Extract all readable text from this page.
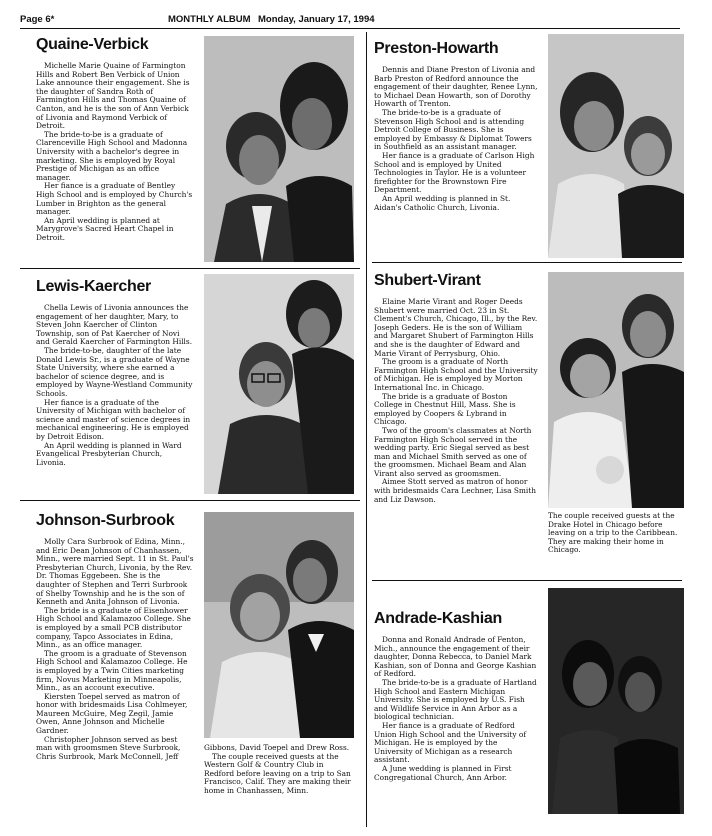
Page 6*	MONTHLY ALBUM Monday, January 17, 1994
Quaine-Verbick

Michelle Marie Quaine of Farmington Hills and Robert Ben Verbick of Union Lake announce their engagement. She is the daughter of Sandra Roth of Farmington Hills and Thomas Quaine of Canton, and he is the son of Ann Verbick of Livonia and Raymond Verbick of Detroit.

The bride-to-be is a graduate of Clarenceville High School and Madonna University with a bachelor's degree in marketing. She is employed by Royal Prestige of Michigan as an office manager.

Her fiance is a graduate of Bentley High School and is employed by Church's Lumber in Brighton as the general manager.

An April wedding is planned at Marygrove's Sacred Heart Chapel in Detroit.

Lewis-Kaercher

Chella Lewis of Livonia announces the engagement of her daughter, Mary, to Steven John Kaercher of Clinton Township, son of Pat Kaercher of Novi and Gerald Kaercher of Farmington Hills.

The bride-to-be, daughter of the late Donald Lewis Sr., is a graduate of Wayne State University, where she earned a bachelor of science degree, and is employed by Wayne-Westland Community Schools.

Her fiance is a graduate of the University of Michigan with bachelor of science and master of science degrees in mechanical engineering. He is employed by Detroit Edison.

An April wedding is planned in Ward Evangelical Presbyterian Church, Livonia.

Johnson-Surbrook

Molly Cara Surbrook of Edina, Minn., and Eric Dean Johnson of Chanhassen, Minn., were married Sept. 11 in St. Paul's Presbyterian Church, Livonia, by the Rev. Dr. Thomas Eggebeen. She is the daughter of Stephen and Terri Surbrook of Shelby Township and he is the son of Kenneth and Anita Johnson of Livonia.

The bride is a graduate of Eisenhower High School and Kalamazoo College. She is employed by a small PCB distributor company, Tapco Associates in Edina, Minn., as an office manager.

The groom is a graduate of Stevenson High School and Kalamazoo College. He is employed by a Twin Cities marketing firm, Novus Marketing in Minneapolis, Minn., as an account executive.

Kiersten Toepel served as matron of honor with bridesmaids Lisa Cohlmeyer, Maureen McGuire, Meg Zegil, Jamie Owen, Anne Johnson and Michelle Gardner.

Christopher Johnson served as best man with groomsmen Steve Surbrook, Chris Surbrook, Mark McConnell, Jeff

Gibbons, David Toepel and Drew Ross.

The couple received guests at the Western Golf & Country Club in Redford before leaving on a trip to San Francisco, Calif. They are making their home in Chanhassen, Minn.

Preston-Howarth

Dennis and Diane Preston of Livonia and Barb Preston of Redford announce the engagement of their daughter, Renee Lynn, to Michael Dean Howarth, son of Dorothy Howarth of Trenton.

The bride-to-be is a graduate of Stevenson High School and is attending Detroit College of Business. She is employed by Embassy & Diplomat Towers in Southfield as an assistant manager.

Her fiance is a graduate of Carlson High School and is employed by United Technologies in Taylor. He is a volunteer firefighter for the Brownstown Fire Department.

An April wedding is planned in St. Aidan's Catholic Church, Livonia.

Shubert-Virant

Elaine Marie Virant and Roger Deeds Shubert were married Oct. 23 in St. Clement's Church, Chicago, Ill., by the Rev. Joseph Geders. He is the son of William and Margaret Shubert of Farmington Hills and she is the daughter of Edward and Marie Virant of Perrysburg, Ohio.

The groom is a graduate of North Farmington High School and the University of Michigan. He is employed by Morton International Inc. in Chicago.

The bride is a graduate of Boston College in Chestnut Hill, Mass. She is employed by Coopers & Lybrand in Chicago.

Two of the groom's classmates at North Farmington High School served in the wedding party. Eric Siegal served as best man and Michael Smith served as one of the groomsmen. Michael Beam and Alan Virant also served as groomsmen.

Aimee Stott served as matron of honor with bridesmaids Cara Lechner, Lisa Smith and Liz Dawson.

The couple received guests at the Drake Hotel in Chicago before leaving on a trip to the Caribbean. They are making their home in Chicago.

Andrade-Kashian

Donna and Ronald Andrade of Fenton, Mich., announce the engagement of their daughter, Donna Rebecca, to Daniel Mark Kashian, son of Donna and George Kashian of Redford.

The bride-to-be is a graduate of Hartland High School and Eastern Michigan University. She is employed by U.S. Fish and Wildlife Service in Ann Arbor as a biological technician.

Her fiance is a graduate of Redford Union High School and the University of Michigan. He is employed by the University of Michigan as a research assistant.

A June wedding is planned in First Congregational Church, Ann Arbor.
